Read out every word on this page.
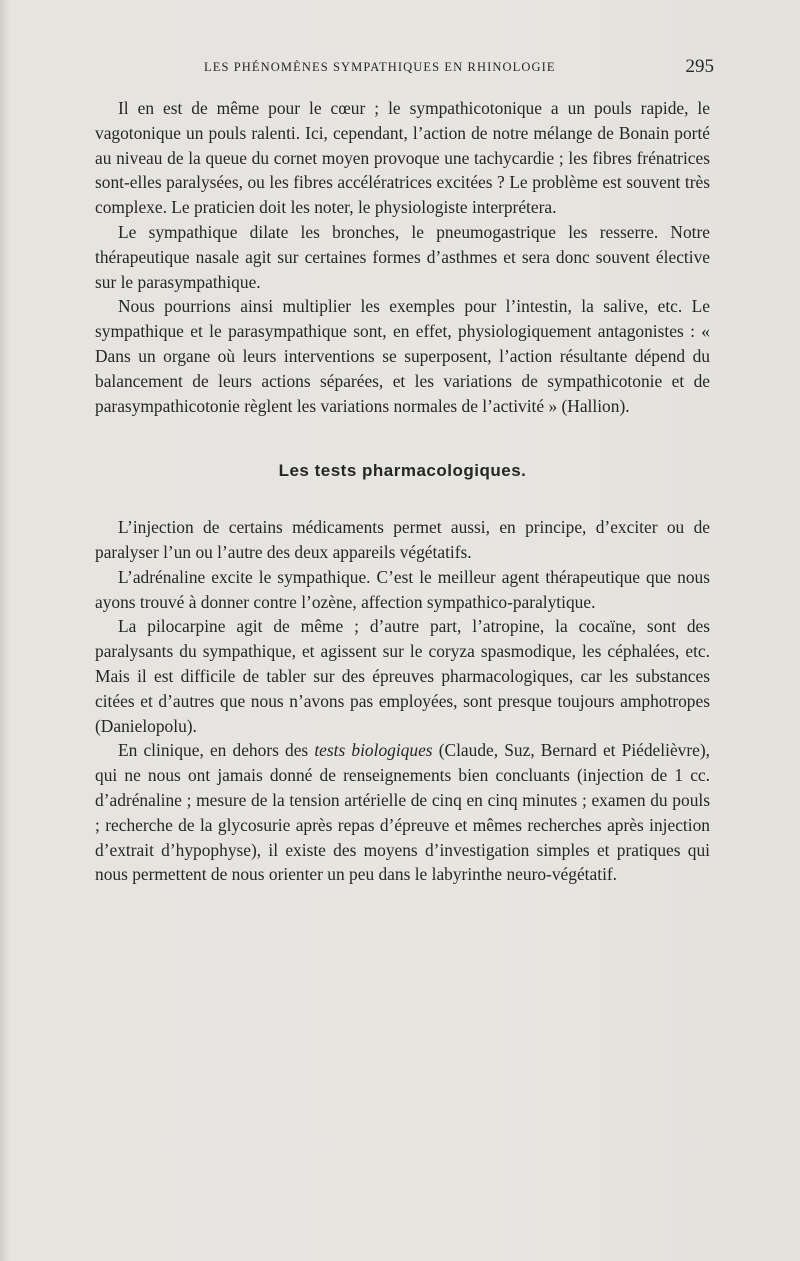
LES PHÉNOMÈNES SYMPATHIQUES EN RHINOLOGIE	295

Il en est de même pour le cœur ; le sympathicotonique a un pouls rapide, le vagotonique un pouls ralenti. Ici, cependant, l’action de notre mélange de Bonain porté au niveau de la queue du cornet moyen provoque une tachycardie ; les fibres frénatrices sont-elles paralysées, ou les fibres accélératrices excitées ? Le problème est souvent très complexe. Le praticien doit les noter, le physiologiste interprétera.

Le sympathique dilate les bronches, le pneumogastrique les resserre. Notre thérapeutique nasale agit sur certaines formes d’asthmes et sera donc souvent élective sur le parasympathique.

Nous pourrions ainsi multiplier les exemples pour l’intestin, la salive, etc. Le sympathique et le parasympathique sont, en effet, physiologiquement antagonistes : « Dans un organe où leurs interventions se superposent, l’action résultante dépend du balancement de leurs actions séparées, et les variations de sympathicotonie et de parasympathicotonie règlent les variations normales de l’activité » (Hallion).

Les tests pharmacologiques.

L’injection de certains médicaments permet aussi, en principe, d’exciter ou de paralyser l’un ou l’autre des deux appareils végétatifs.

L’adrénaline excite le sympathique. C’est le meilleur agent thérapeutique que nous ayons trouvé à donner contre l’ozène, affection sympathico-paralytique.

La pilocarpine agit de même ; d’autre part, l’atropine, la cocaïne, sont des paralysants du sympathique, et agissent sur le coryza spasmodique, les céphalées, etc. Mais il est difficile de tabler sur des épreuves pharmacologiques, car les substances citées et d’autres que nous n’avons pas employées, sont presque toujours amphotropes (Danielopolu).

En clinique, en dehors des tests biologiques (Claude, Suz, Bernard et Piédelièvre), qui ne nous ont jamais donné de renseignements bien concluants (injection de 1 cc. d’adrénaline ; mesure de la tension artérielle de cinq en cinq minutes ; examen du pouls ; recherche de la glycosurie après repas d’épreuve et mêmes recherches après injection d’extrait d’hypophyse), il existe des moyens d’investigation simples et pratiques qui nous permettent de nous orienter un peu dans le labyrinthe neuro-végétatif.
